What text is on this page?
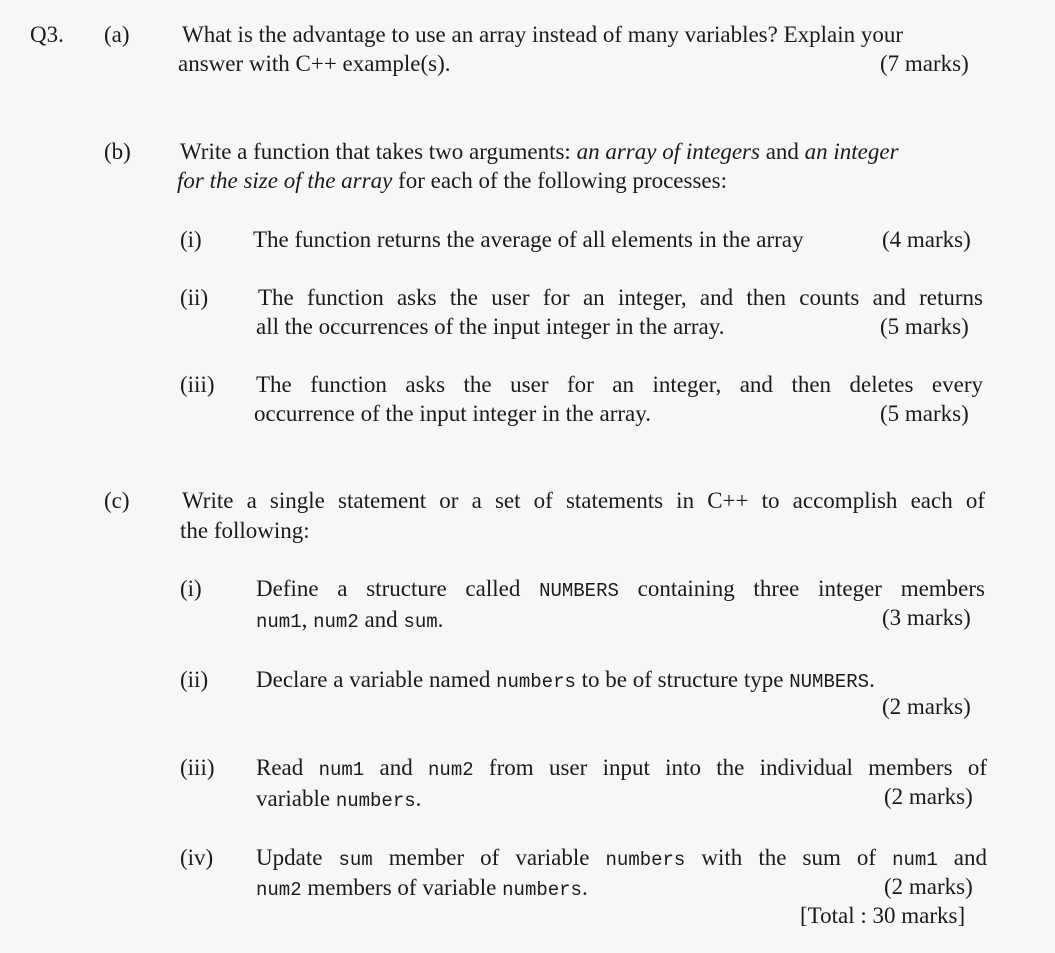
Q3. (a) What is the advantage to use an array instead of many variables? Explain your
answer with C++ example(s).	(7 marks)
(b) Write a function that takes two arguments: an array of integers and an integer
for the size of the array for each of the following processes:
(i) The function returns the average of all elements in the array	(4 marks)
(ii) The function asks the user for an integer, and then counts and returns
all the occurrences of the input integer in the array.	(5 marks)
(iii) The function asks the user for an integer, and then deletes every
occurrence of the input integer in the array.	(5 marks)
(c) Write a single statement or a set of statements in C++ to accomplish each of
the following:
(i) Define a structure called NUMBERS containing three integer members
num1, num2 and sum.	(3 marks)
(ii) Declare a variable named numbers to be of structure type NUMBERS.
(2 marks)
(iii) Read num1 and num2 from user input into the individual members of
variable numbers.	(2 marks)
(iv) Update sum member of variable numbers with the sum of num1 and
num2 members of variable numbers.	(2 marks)
[Total : 30 marks]
